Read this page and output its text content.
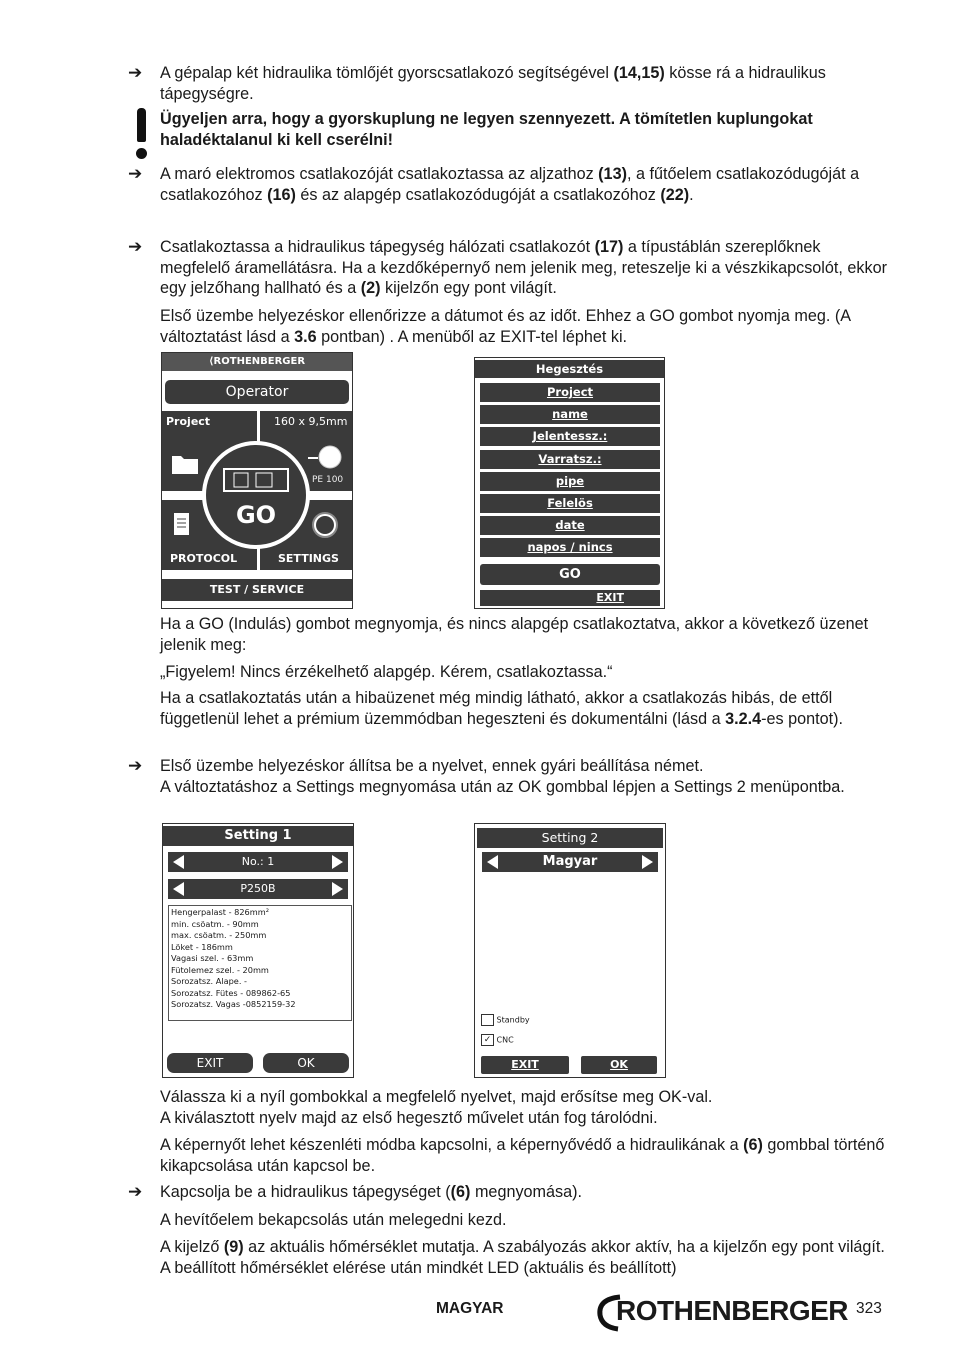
➔ A gépalap két hidraulika tömlőjét gyorscsatlakozó segítségével (14,15) kösse rá a hidraulikus tápegységre.
Ügyeljen arra, hogy a gyorskuplung ne legyen szennyezett. A tömítetlen kuplungokat haladéktalanul ki kell cserélni!
➔ A maró elektromos csatlakozóját csatlakoztassa az aljzathoz (13), a fűtőelem csatlakozódugóját a csatlakozóhoz (16) és az alapgép csatlakozódugóját a csatlakozóhoz (22).
➔ Csatlakoztassa a hidraulikus tápegység hálózati csatlakozót (17) a típustáblán szereplőknek megfelelő áramellátásra. Ha a kezdőképernyő nem jelenik meg, reteszelje ki a vészkikapcsolót, ekkor egy jelzőhang hallható és a (2) kijelzőn egy pont világít.
Első üzembe helyezéskor ellenőrizze a dátumot és az időt. Ehhez a GO gombot nyomja meg. (A változtatást lásd a 3.6 pontban) . A menüből az EXIT-tel léphet ki.
⟨ROTHENBERGER
Operator
Project	160 x 9,5mm
PE 100
PROTOCOL	SETTINGS
GO
TEST / SERVICE
Hegesztés
Project
name
Jelentessz.:
Varratsz.:
pipe
Felelös
date
napos / nincs
GO
EXIT
Ha a GO (Indulás) gombot megnyomja, és nincs alapgép csatlakoztatva, akkor a következő üzenet jelenik meg:
„Figyelem! Nincs érzékelhető alapgép. Kérem, csatlakoztassa.“
Ha a csatlakoztatás után a hibaüzenet még mindig látható, akkor a csatlakozás hibás, de ettől függetlenül lehet a prémium üzemmódban hegeszteni és dokumentálni (lásd a 3.2.4-es pontot).
➔ Első üzembe helyezéskor állítsa be a nyelvet, ennek gyári beállítása német.
A változtatáshoz a Settings megnyomása után az OK gombbal lépjen a Settings 2 menüpontba.
Setting 1
No.: 1
P250B
Hengerpalast - 826mm²
min. csöatm. - 90mm
max. csöatm. - 250mm
Löket - 186mm
Vagasi szel. - 63mm
Fütolemez szel. - 20mm
Sorozatsz. Alape. -
Sorozatsz. Fütes - 089862-65
Sorozatsz. Vagas -0852159-32
EXIT	OK
Setting 2
Magyar
Standby
✓ CNC
EXIT	OK
Válassza ki a nyíl gombokkal a megfelelő nyelvet, majd erősítse meg OK-val.
A kiválasztott nyelv majd az első hegesztő művelet után fog tárolódni.
A képernyőt lehet készenléti módba kapcsolni, a képernyővédő a hidraulikának a (6) gombbal történő kikapcsolása után kapcsol be.
➔ Kapcsolja be a hidraulikus tápegységet ((6) megnyomása).
A hevítőelem bekapcsolás után melegedni kezd.
A kijelző (9) az aktuális hőmérséklet mutatja. A szabályozás akkor aktív, ha a kijelzőn egy pont világít. A beállított hőmérséklet elérése után mindkét LED (aktuális és beállított)
MAGYAR	ROTHENBERGER 323
